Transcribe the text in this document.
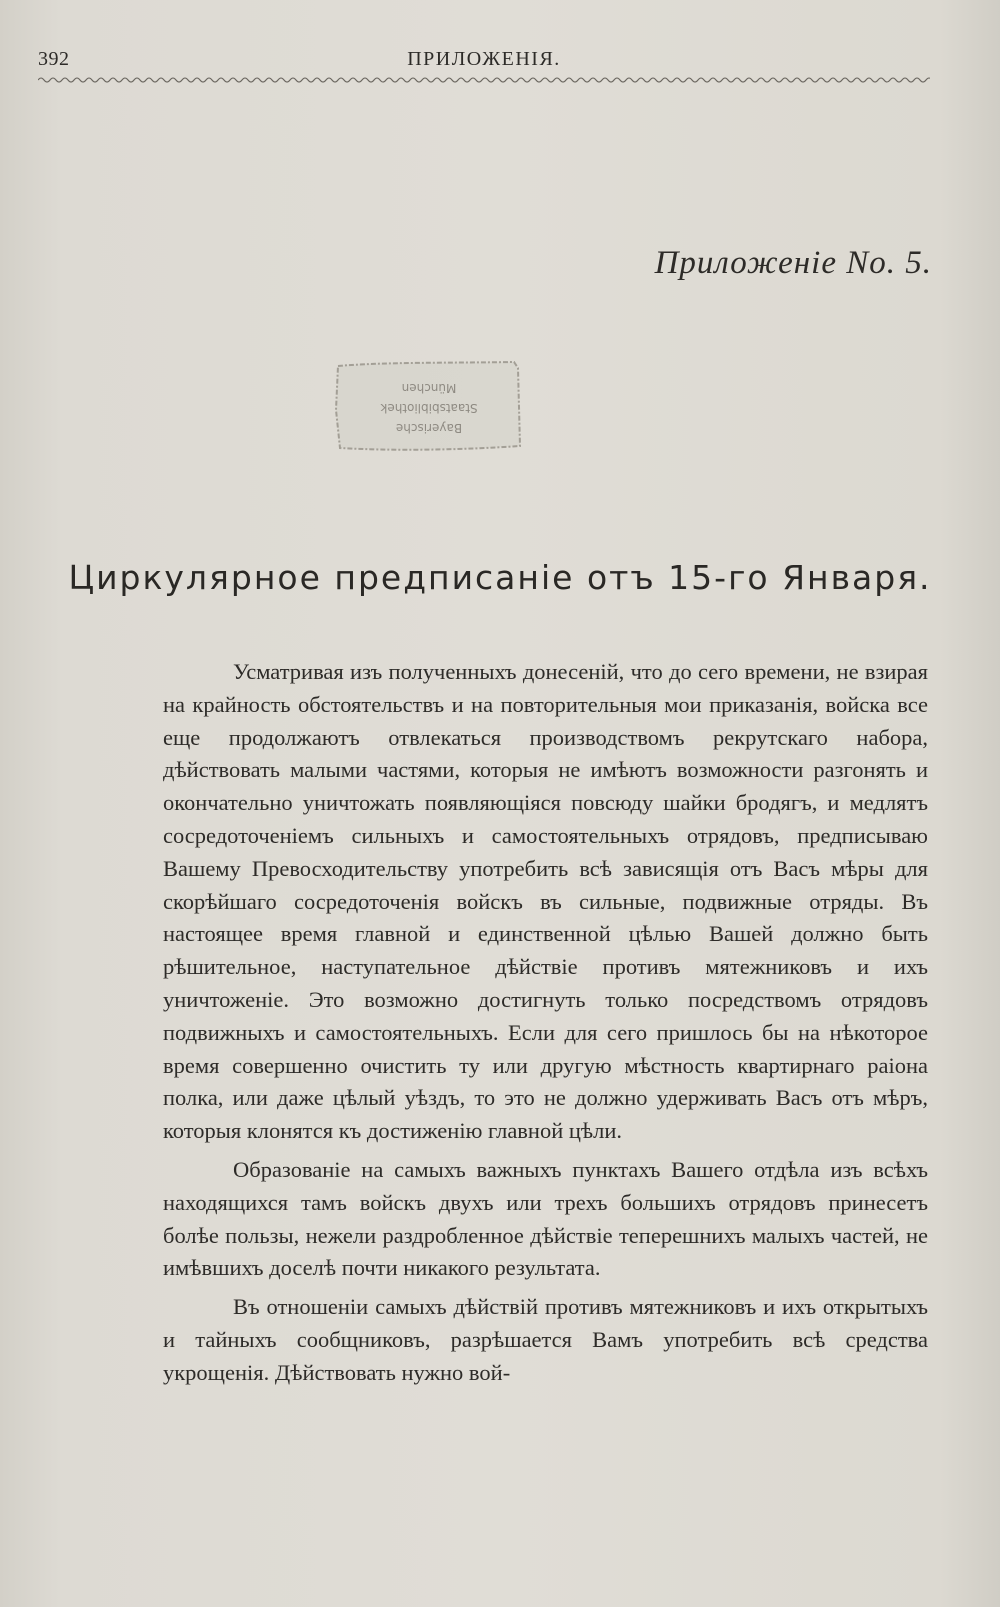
392	ПРИЛОЖЕНІЯ.
Приложеніе No. 5.
Bayerische
Staatsbibliothek
München
Циркулярное предписаніе отъ 15-го Января.

Усматривая изъ полученныхъ донесеній, что до сего времени, не взирая на крайность обстоятельствъ и на повторительныя мои приказанія, войска все еще продолжаютъ отвлекаться производствомъ рекрутскаго набора, дѣйствовать малыми частями, которыя не имѣютъ возможности разгонять и окончательно уничтожать появляющіяся повсюду шайки бродягъ, и медлятъ сосредоточеніемъ сильныхъ и самостоятельныхъ отрядовъ, предписываю Вашему Превосходительству употребить всѣ зависящія отъ Васъ мѣры для скорѣйшаго сосредоточенія войскъ въ сильные, подвижные отряды. Въ настоящее время главной и единственной цѣлью Вашей должно быть рѣшительное, наступательное дѣйствіе противъ мятежниковъ и ихъ уничтоженіе. Это возможно достигнуть только посредствомъ отрядовъ подвижныхъ и самостоятельныхъ. Если для сего пришлось бы на нѣкоторое время совершенно очистить ту или другую мѣстность квартирнаго раіона полка, или даже цѣлый уѣздъ, то это не должно удерживать Васъ отъ мѣръ, которыя клонятся къ достиженію главной цѣли.

Образованіе на самыхъ важныхъ пунктахъ Вашего отдѣла изъ всѣхъ находящихся тамъ войскъ двухъ или трехъ большихъ отрядовъ принесетъ болѣе пользы, нежели раздробленное дѣйствіе теперешнихъ малыхъ частей, не имѣвшихъ доселѣ почти никакого результата.

Въ отношеніи самыхъ дѣйствій противъ мятежниковъ и ихъ открытыхъ и тайныхъ сообщниковъ, разрѣшается Вамъ употребить всѣ средства укрощенія. Дѣйствовать нужно вой-
